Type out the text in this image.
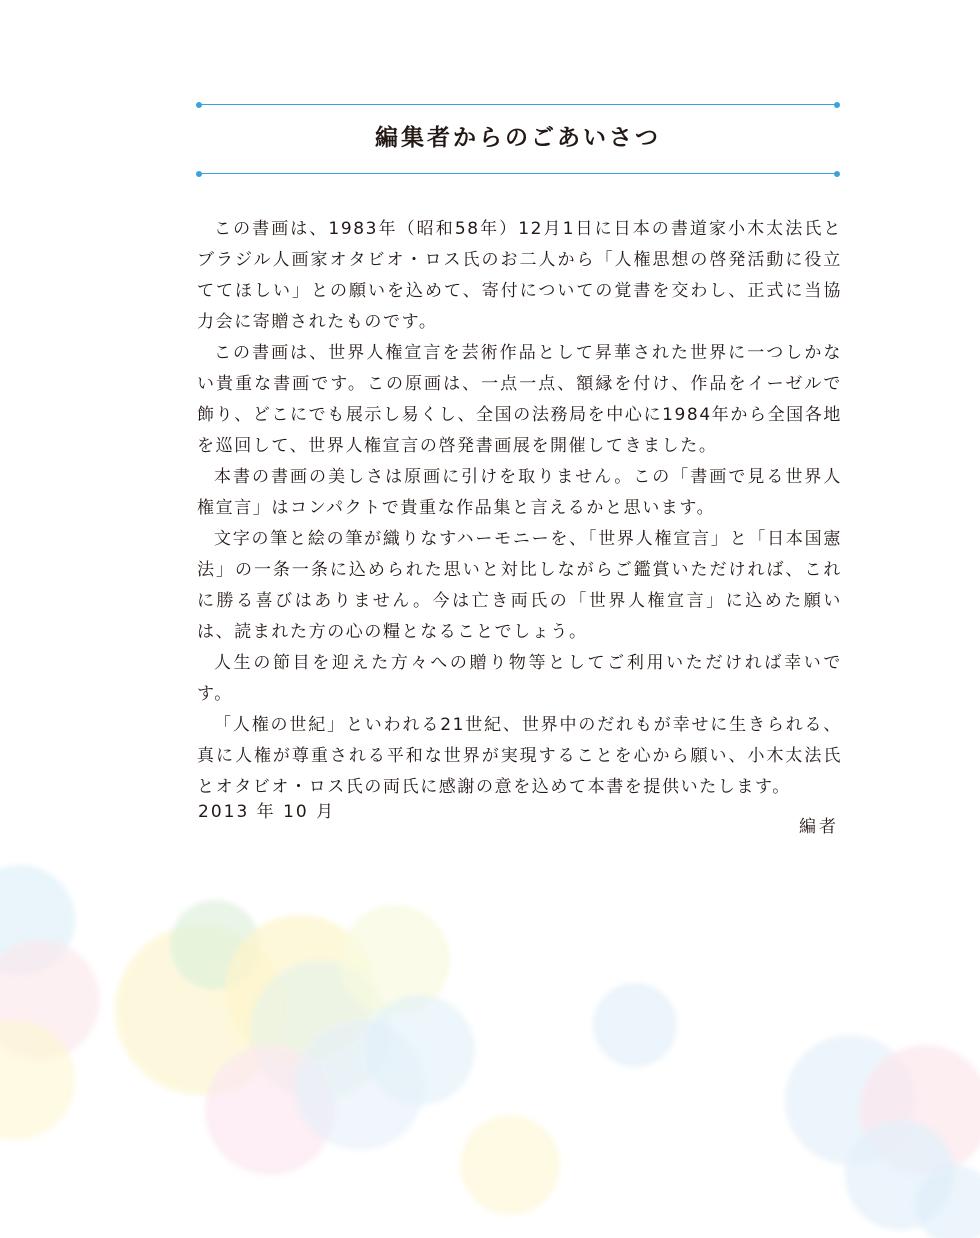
編集者からのごあいさつ

この書画は、1983年（昭和58年）12月1日に日本の書道家小木太法氏とブラジル人画家オタビオ・ロス氏のお二人から「人権思想の啓発活動に役立ててほしい」との願いを込めて、寄付についての覚書を交わし、正式に当協力会に寄贈されたものです。

この書画は、世界人権宣言を芸術作品として昇華された世界に一つしかない貴重な書画です。この原画は、一点一点、額縁を付け、作品をイーゼルで飾り、どこにでも展示し易くし、全国の法務局を中心に1984年から全国各地を巡回して、世界人権宣言の啓発書画展を開催してきました。

本書の書画の美しさは原画に引けを取りません。この「書画で見る世界人権宣言」はコンパクトで貴重な作品集と言えるかと思います。

文字の筆と絵の筆が織りなすハーモニーを、「世界人権宣言」と「日本国憲法」の一条一条に込められた思いと対比しながらご鑑賞いただければ、これに勝る喜びはありません。今は亡き両氏の「世界人権宣言」に込めた願いは、読まれた方の心の糧となることでしょう。

人生の節目を迎えた方々への贈り物等としてご利用いただければ幸いです。

「人権の世紀」といわれる21世紀、世界中のだれもが幸せに生きられる、真に人権が尊重される平和な世界が実現することを心から願い、小木太法氏とオタビオ・ロス氏の両氏に感謝の意を込めて本書を提供いたします。

2013 年 10 月
編者
